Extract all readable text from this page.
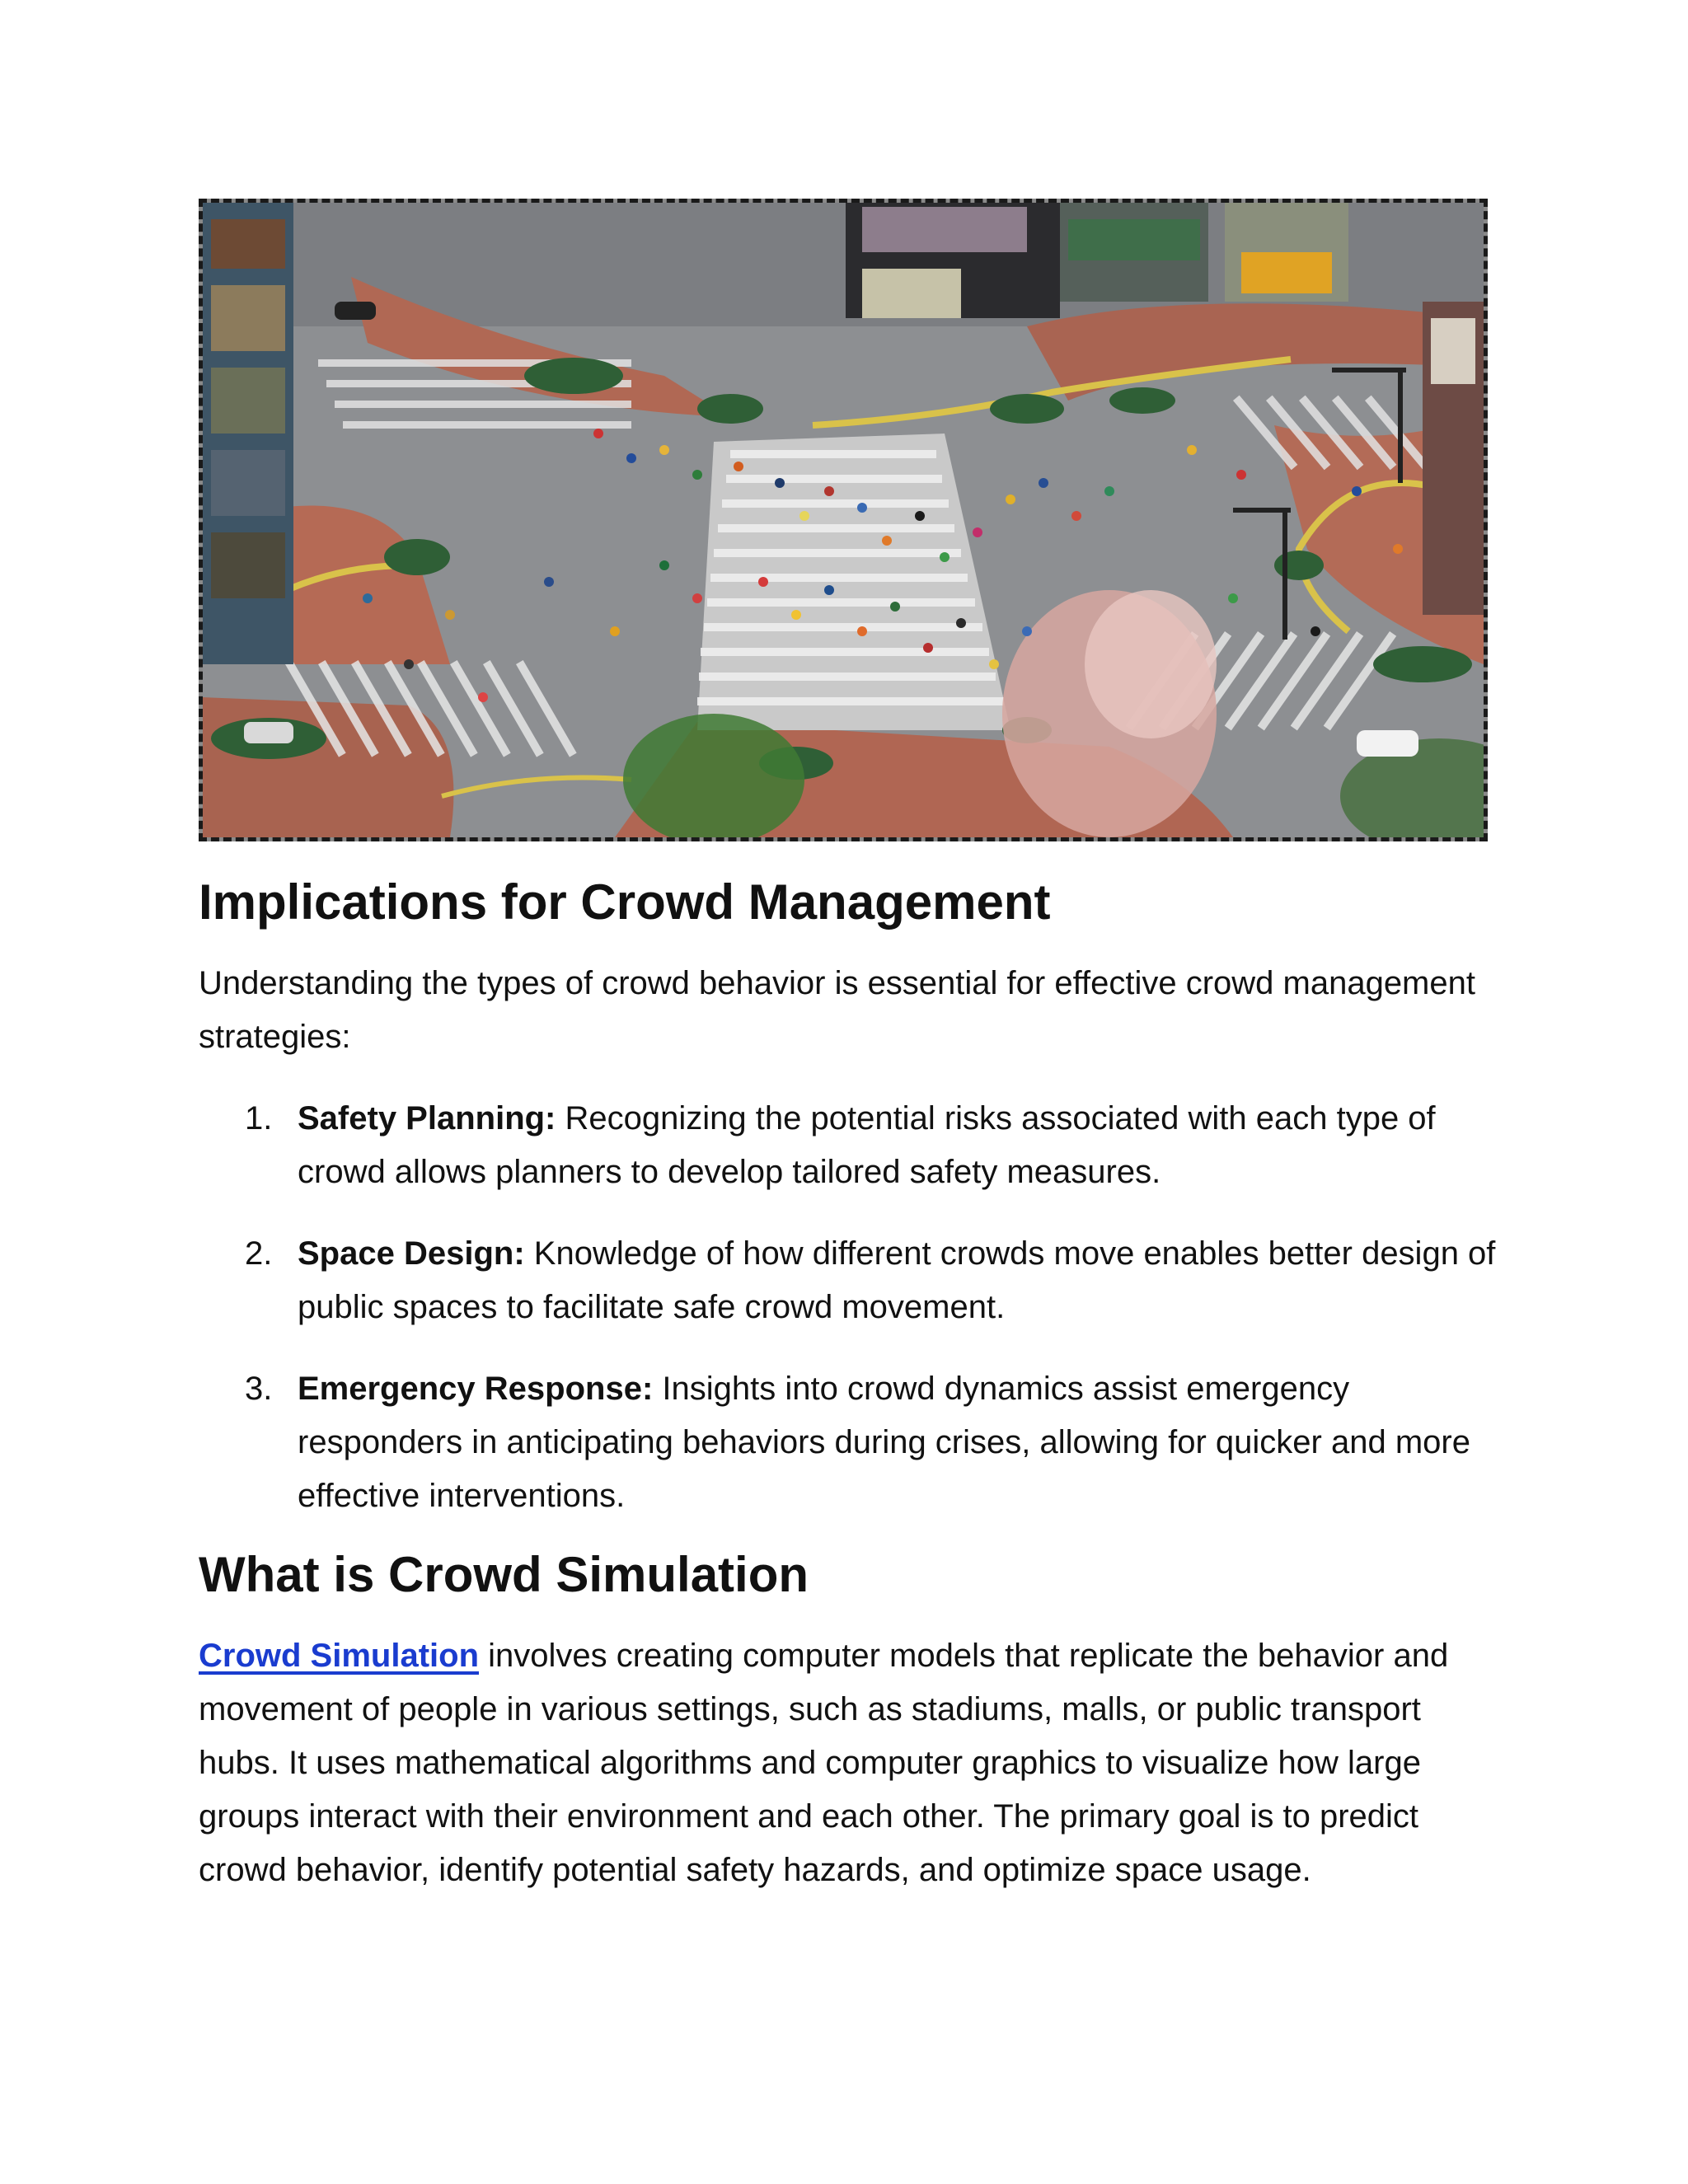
Implications for Crowd Management

Understanding the types of crowd behavior is essential for effective crowd management strategies:

1. Safety Planning: Recognizing the potential risks associated with each type of crowd allows planners to develop tailored safety measures.
2. Space Design: Knowledge of how different crowds move enables better design of public spaces to facilitate safe crowd movement.
3. Emergency Response: Insights into crowd dynamics assist emergency responders in anticipating behaviors during crises, allowing for quicker and more effective interventions.
What is Crowd Simulation

Crowd Simulation involves creating computer models that replicate the behavior and movement of people in various settings, such as stadiums, malls, or public transport hubs. It uses mathematical algorithms and computer graphics to visualize how large groups interact with their environment and each other. The primary goal is to predict crowd behavior, identify potential safety hazards, and optimize space usage.
